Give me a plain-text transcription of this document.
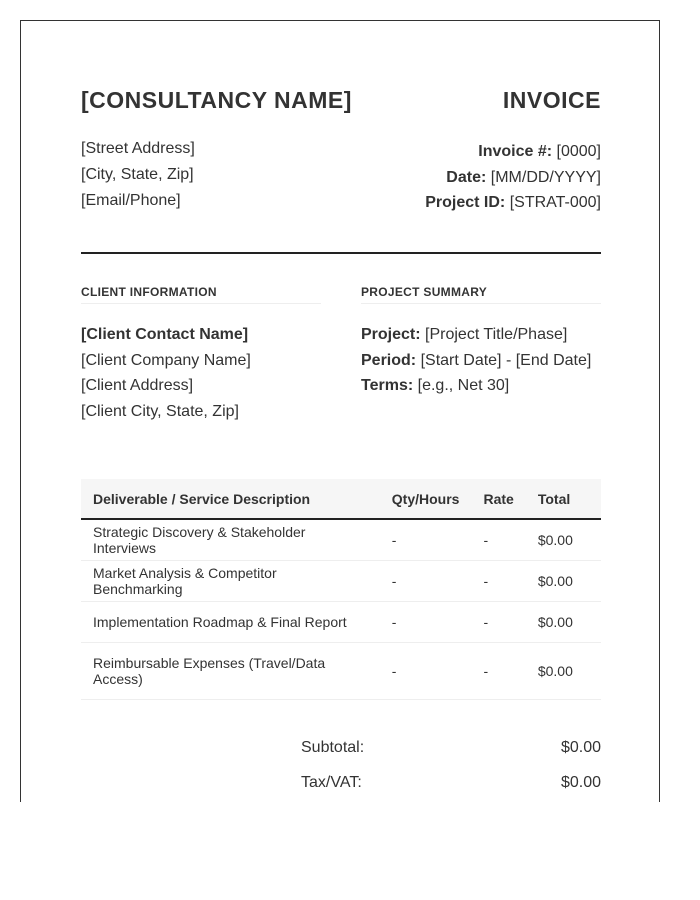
[CONSULTANCY NAME]	INVOICE
[Street Address]
[City, State, Zip]
[Email/Phone]
Invoice #: [0000]
Date: [MM/DD/YYYY]
Project ID: [STRAT-000]
CLIENT INFORMATION
[Client Contact Name]
[Client Company Name]
[Client Address]
[Client City, State, Zip]
PROJECT SUMMARY
Project: [Project Title/Phase]
Period: [Start Date] - [End Date]
Terms: [e.g., Net 30]
Deliverable / Service Description	Qty/Hours	Rate	Total
Strategic Discovery & Stakeholder Interviews	-	-	$0.00
Market Analysis & Competitor Benchmarking	-	-	$0.00
Implementation Roadmap & Final Report	-	-	$0.00
Reimbursable Expenses (Travel/Data Access)	-	-	$0.00
Subtotal:	$0.00
Tax/VAT:	$0.00
